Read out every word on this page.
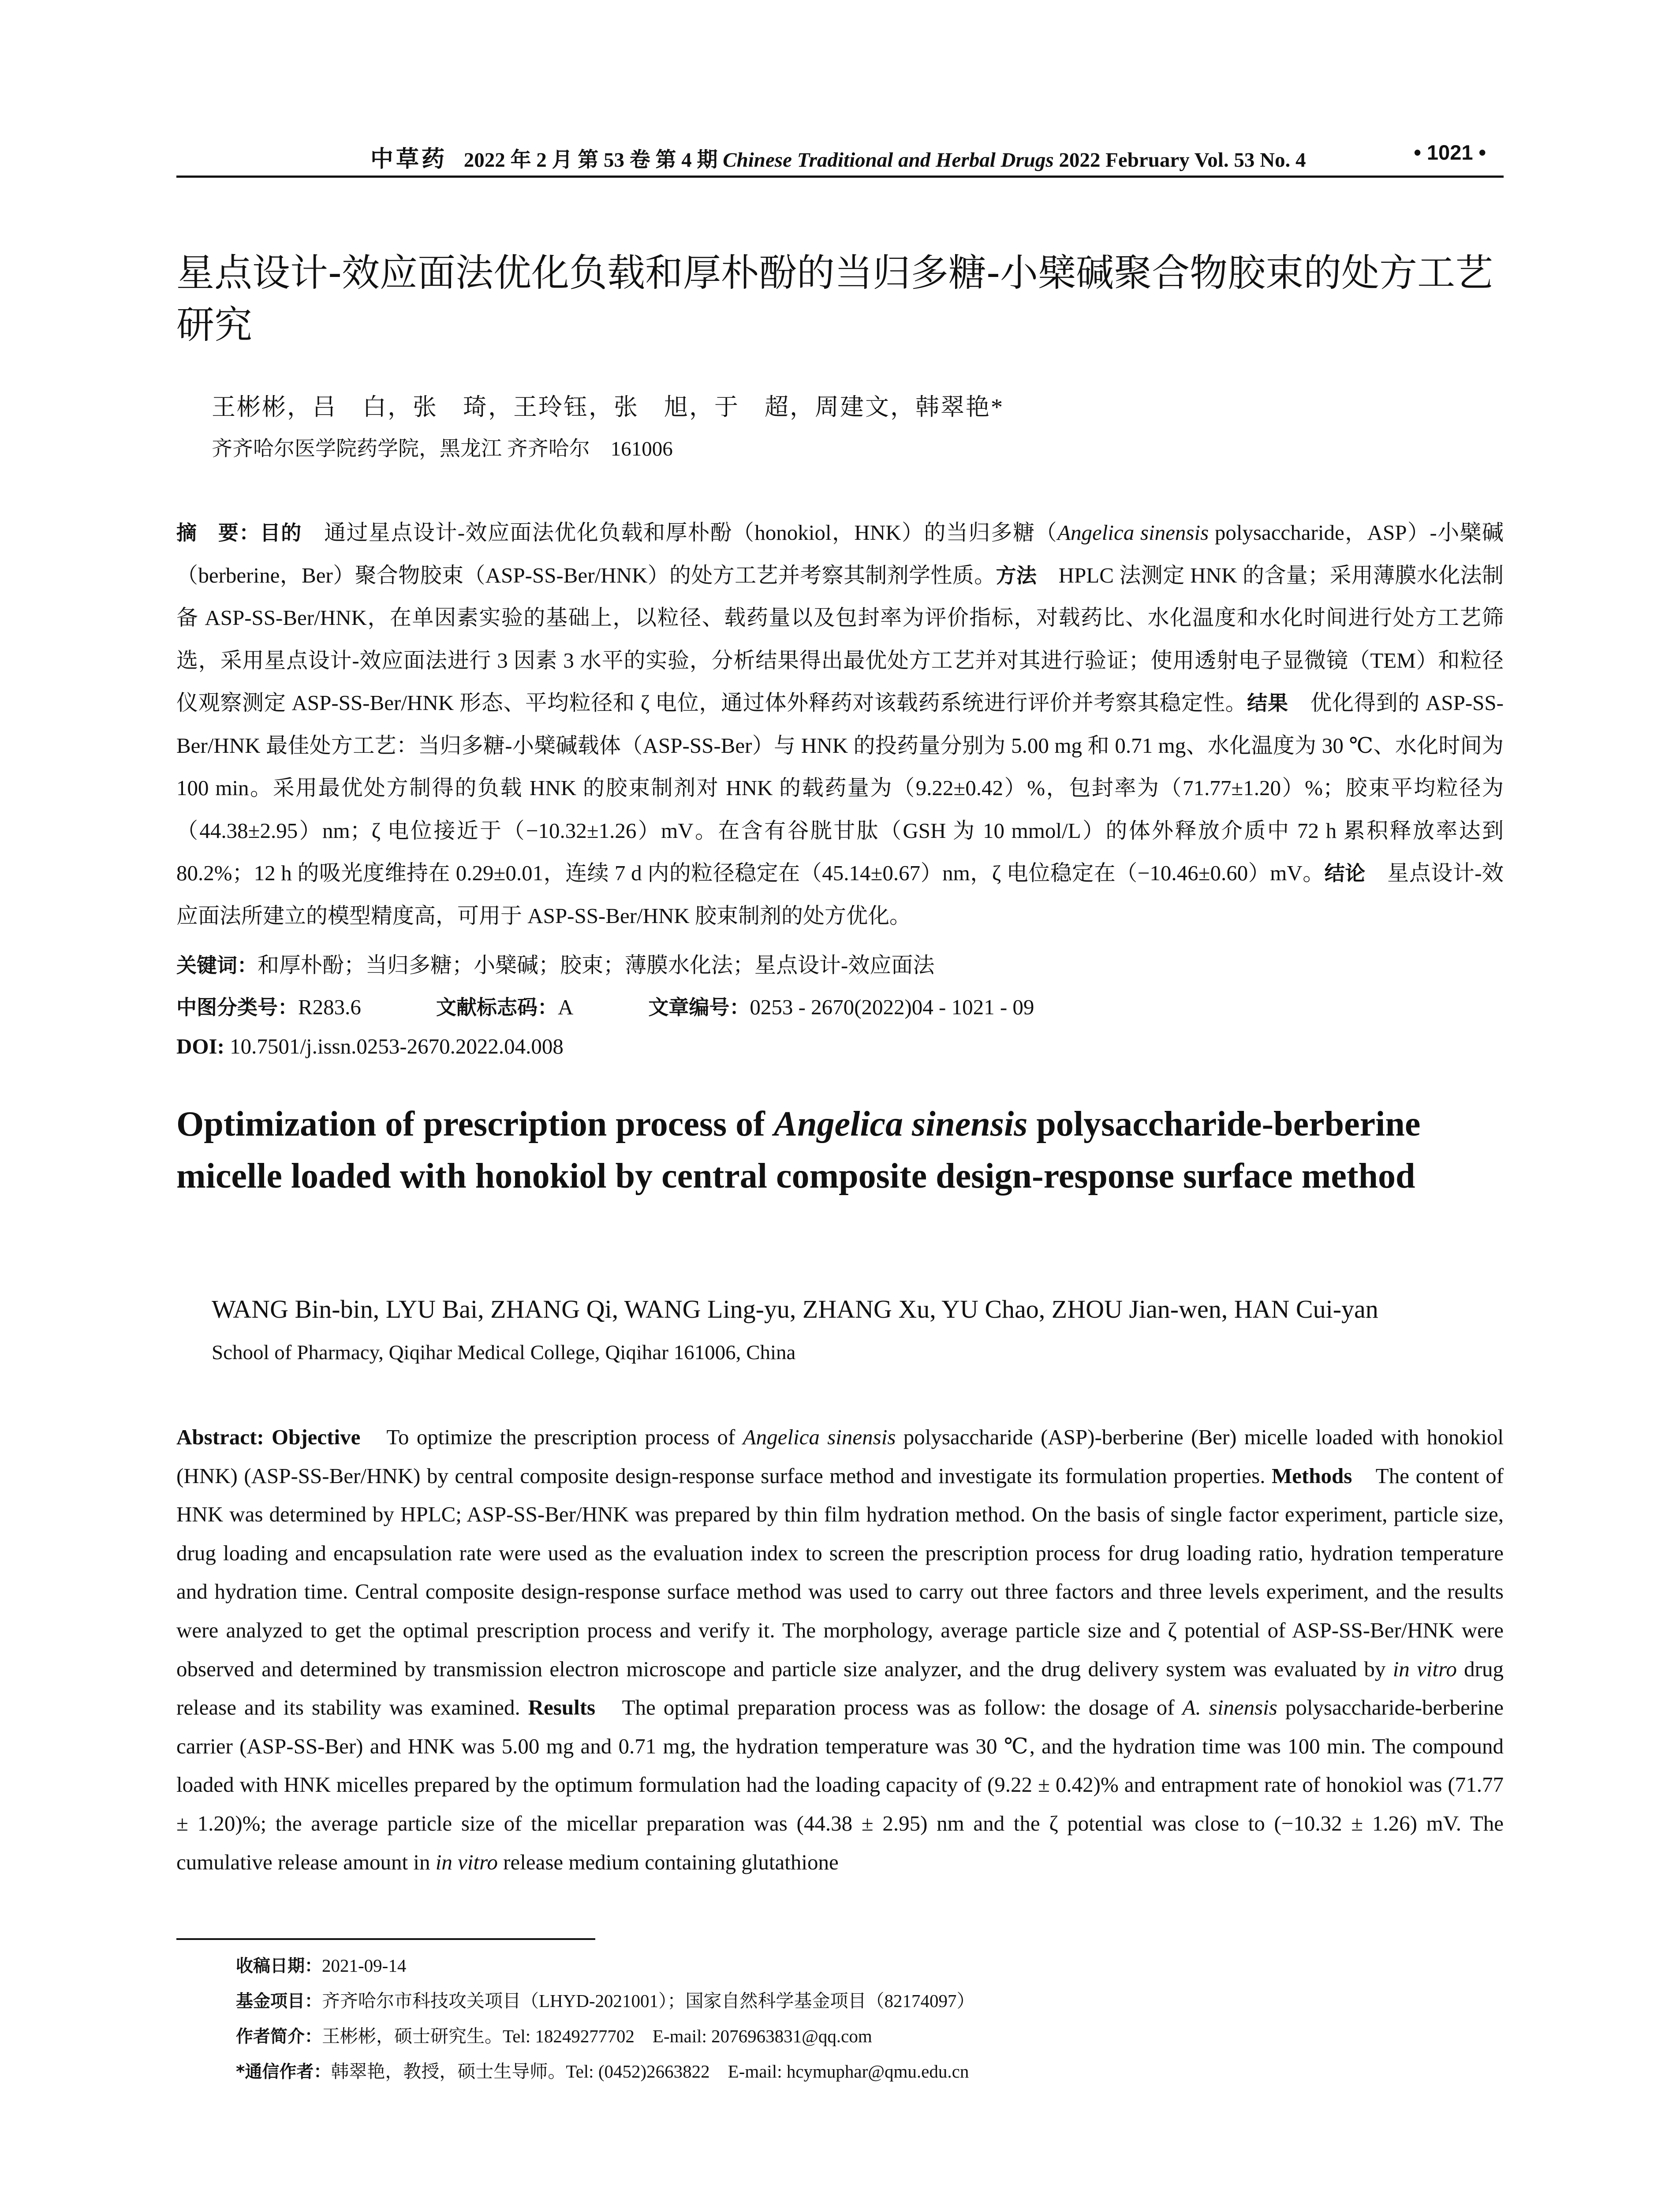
中草药 2022 年 2 月 第 53 卷 第 4 期 Chinese Traditional and Herbal Drugs 2022 February Vol. 53 No. 4	• 1021 •
星点设计-效应面法优化负载和厚朴酚的当归多糖-小檗碱聚合物胶束的处方工艺研究
王彬彬，吕　白，张　琦，王玲钰，张　旭，于　超，周建文，韩翠艳*
齐齐哈尔医学院药学院，黑龙江 齐齐哈尔　161006

摘　要：目的　通过星点设计-效应面法优化负载和厚朴酚（honokiol，HNK）的当归多糖（Angelica sinensis polysaccharide，ASP）-小檗碱（berberine，Ber）聚合物胶束（ASP-SS-Ber/HNK）的处方工艺并考察其制剂学性质。方法　HPLC 法测定 HNK 的含量；采用薄膜水化法制备 ASP-SS-Ber/HNK，在单因素实验的基础上，以粒径、载药量以及包封率为评价指标，对载药比、水化温度和水化时间进行处方工艺筛选，采用星点设计-效应面法进行 3 因素 3 水平的实验，分析结果得出最优处方工艺并对其进行验证；使用透射电子显微镜（TEM）和粒径仪观察测定 ASP-SS-Ber/HNK 形态、平均粒径和 ζ 电位，通过体外释药对该载药系统进行评价并考察其稳定性。结果　优化得到的 ASP-SS-Ber/HNK 最佳处方工艺：当归多糖-小檗碱载体（ASP-SS-Ber）与 HNK 的投药量分别为 5.00 mg 和 0.71 mg、水化温度为 30 ℃、水化时间为 100 min。采用最优处方制得的负载 HNK 的胶束制剂对 HNK 的载药量为（9.22±0.42）%，包封率为（71.77±1.20）%；胶束平均粒径为（44.38±2.95）nm；ζ 电位接近于（−10.32±1.26）mV。在含有谷胱甘肽（GSH 为 10 mmol/L）的体外释放介质中 72 h 累积释放率达到 80.2%；12 h 的吸光度维持在 0.29±0.01，连续 7 d 内的粒径稳定在（45.14±0.67）nm，ζ 电位稳定在（−10.46±0.60）mV。结论　星点设计-效应面法所建立的模型精度高，可用于 ASP-SS-Ber/HNK 胶束制剂的处方优化。

关键词：和厚朴酚；当归多糖；小檗碱；胶束；薄膜水化法；星点设计-效应面法
中图分类号：R283.6	文献标志码：A	文章编号：0253 - 2670(2022)04 - 1021 - 09
DOI: 10.7501/j.issn.0253-2670.2022.04.008
Optimization of prescription process of Angelica sinensis polysaccharide-berberine micelle loaded with honokiol by central composite design-response surface method
WANG Bin-bin, LYU Bai, ZHANG Qi, WANG Ling-yu, ZHANG Xu, YU Chao, ZHOU Jian-wen, HAN Cui-yan
School of Pharmacy, Qiqihar Medical College, Qiqihar 161006, China

Abstract: Objective　To optimize the prescription process of Angelica sinensis polysaccharide (ASP)-berberine (Ber) micelle loaded with honokiol (HNK) (ASP-SS-Ber/HNK) by central composite design-response surface method and investigate its formulation properties. Methods　The content of HNK was determined by HPLC; ASP-SS-Ber/HNK was prepared by thin film hydration method. On the basis of single factor experiment, particle size, drug loading and encapsulation rate were used as the evaluation index to screen the prescription process for drug loading ratio, hydration temperature and hydration time. Central composite design-response surface method was used to carry out three factors and three levels experiment, and the results were analyzed to get the optimal prescription process and verify it. The morphology, average particle size and ζ potential of ASP-SS-Ber/HNK were observed and determined by transmission electron microscope and particle size analyzer, and the drug delivery system was evaluated by in vitro drug release and its stability was examined. Results　The optimal preparation process was as follow: the dosage of A. sinensis polysaccharide-berberine carrier (ASP-SS-Ber) and HNK was 5.00 mg and 0.71 mg, the hydration temperature was 30 ℃, and the hydration time was 100 min. The compound loaded with HNK micelles prepared by the optimum formulation had the loading capacity of (9.22 ± 0.42)% and entrapment rate of honokiol was (71.77 ± 1.20)%; the average particle size of the micellar preparation was (44.38 ± 2.95) nm and the ζ potential was close to (−10.32 ± 1.26) mV. The cumulative release amount in in vitro release medium containing glutathione

收稿日期：2021-09-14
基金项目：齐齐哈尔市科技攻关项目（LHYD-2021001）；国家自然科学基金项目（82174097）
作者简介：王彬彬，硕士研究生。Tel: 18249277702　E-mail: 2076963831@qq.com
*通信作者：韩翠艳，教授，硕士生导师。Tel: (0452)2663822　E-mail: hcymuphar@qmu.edu.cn
